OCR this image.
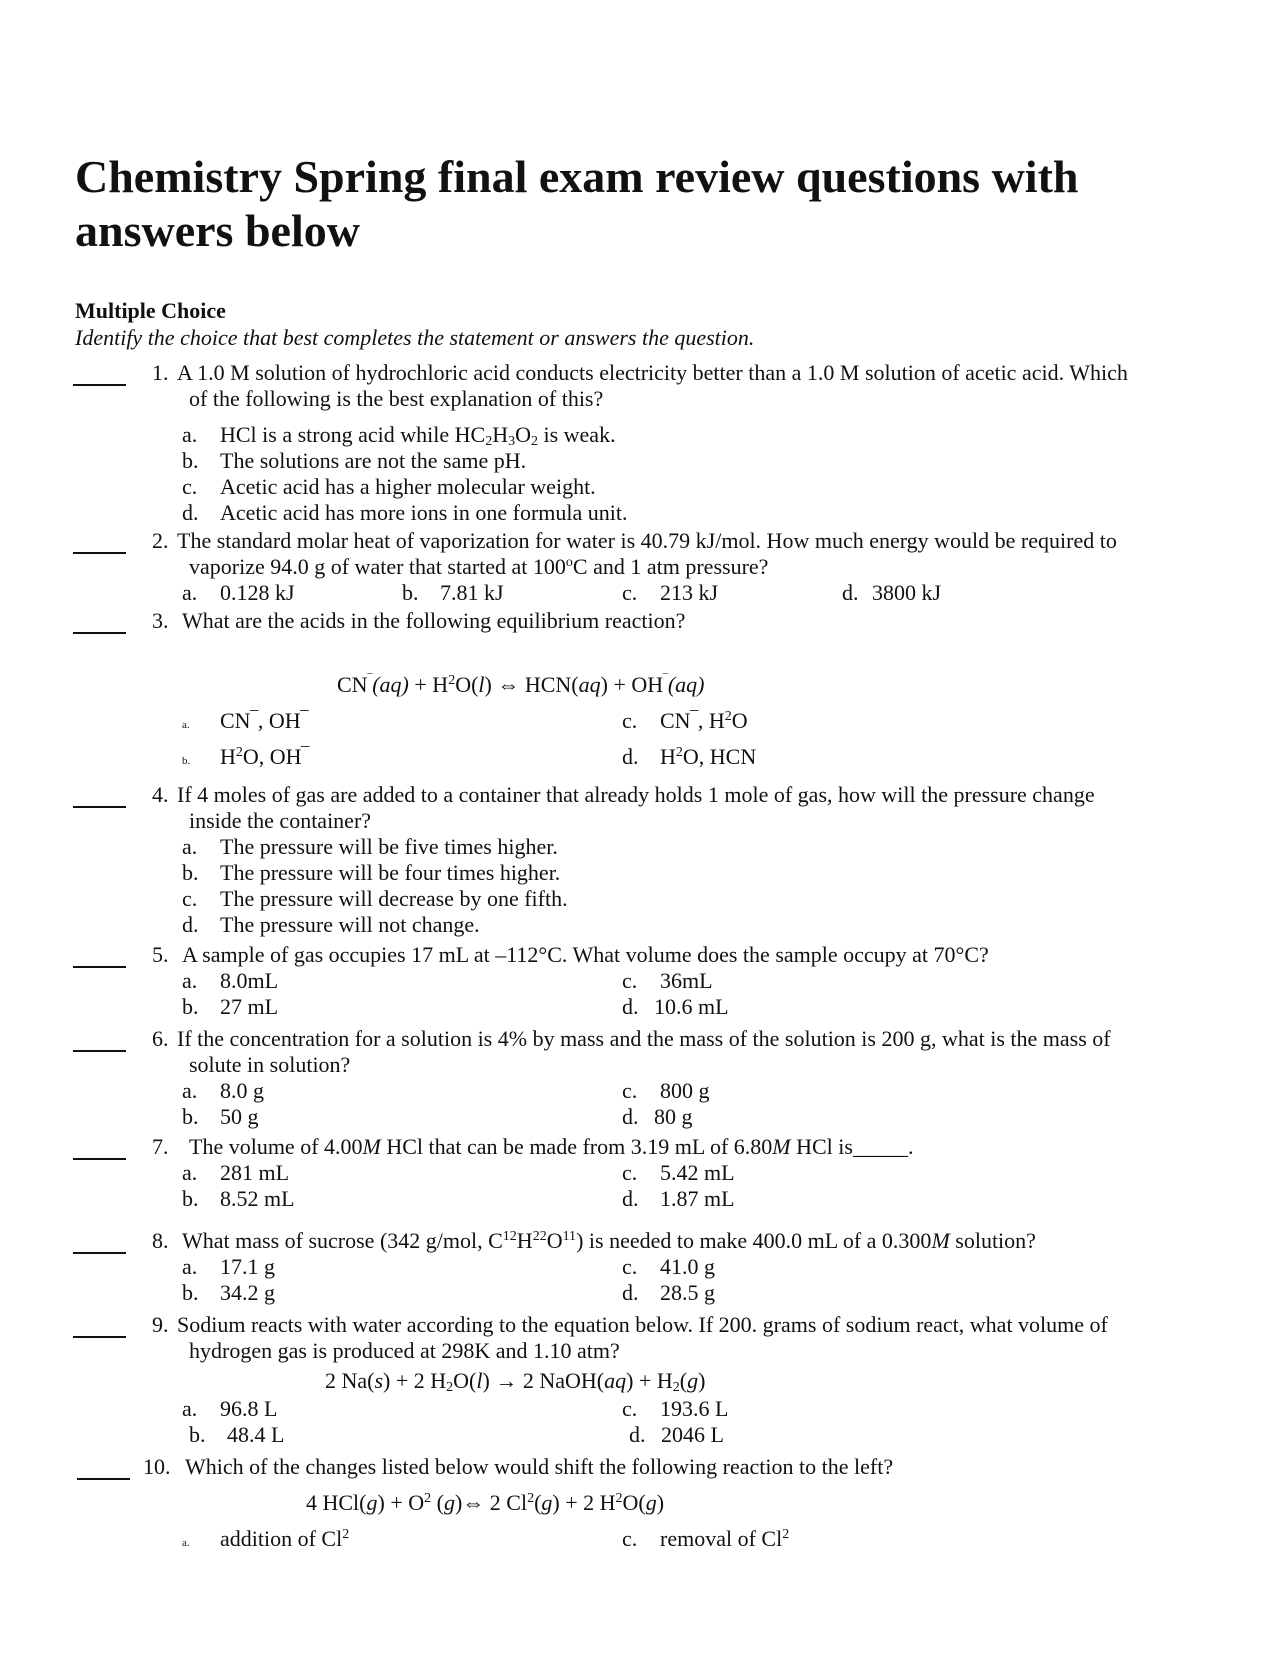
Chemistry Spring final exam review questions with answers below
Multiple Choice
Identify the choice that best completes the statement or answers the question.
1. A 1.0 M solution of hydrochloric acid conducts electricity better than a 1.0 M solution of acetic acid. Which
of the following is the best explanation of this?
a. HCl is a strong acid while $HC_2H_3O_2$ is weak.
b. The solutions are not the same pH.
c. Acetic acid has a higher molecular weight.
d. Acetic acid has more ions in one formula unit.
2. The standard molar heat of vaporization for water is 40.79 kJ/mol. How much energy would be required to
vaporize 94.0 g of water that started at 100$^o$C and 1 atm pressure?
a. 0.128 kJ	b. 7.81 kJ	c. 213 kJ	d. 3800 kJ
3. What are the acids in the following equilibrium reaction?
$CN^‾(aq) + H^2O(l)$ ⇔ HCN(aq) + OH‾(aq)
a. CN‾, OH‾
b. $H^2O$, OH‾
c. CN‾, $H^2O$
d. $H^2O$, HCN
4. If 4 moles of gas are added to a container that already holds 1 mole of gas, how will the pressure change
inside the container?
a. The pressure will be five times higher.
b. The pressure will be four times higher.
c. The pressure will decrease by one fifth.
d. The pressure will not change.
5. A sample of gas occupies 17 mL at –112°C. What volume does the sample occupy at 70°C?
a. 8.0mL	c. 36mL
b. 27 mL	d. 10.6 mL
6. If the concentration for a solution is 4% by mass and the mass of the solution is 200 g, what is the mass of
solute in solution?
a. 8.0 g	c. 800 g
b. 50 g	d. 80 g
7. The volume of 4.00M HCl that can be made from 3.19 mL of 6.80M HCl is_____.
a. 281 mL	c. 5.42 mL
b. 8.52 mL	d. 1.87 mL
8. What mass of sucrose (342 g/mol, $C^{12}H^{22}O^{11}$) is needed to make 400.0 mL of a 0.300M solution?
a. 17.1 g	c. 41.0 g
b. 34.2 g	d. 28.5 g
9. Sodium reacts with water according to the equation below. If 200. grams of sodium react, what volume of
hydrogen gas is produced at 298K and 1.10 atm?
2 Na(s) + 2 $H_2O(l) \to 2$ NaOH(aq) + $H_2(g)$
a. 96.8 L	c. 193.6 L
b. 48.4 L	d. 2046 L
10. Which of the changes listed below would shift the following reaction to the left?
4 $HCl(g) + O^2$ (g)⇔ 2 $Cl^2(g) + 2$ $H^2O(g)$
a. addition of Cl$^2$	c. removal of Cl$^2$
